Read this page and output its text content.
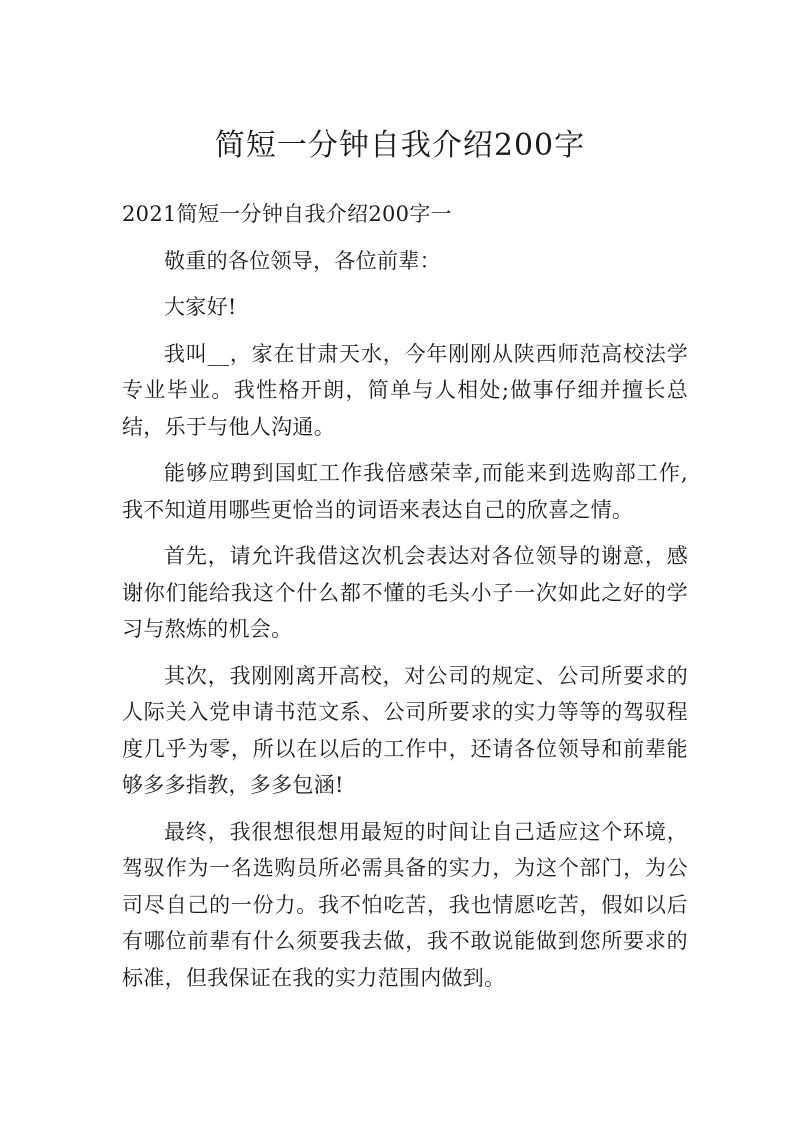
简短一分钟自我介绍200字

2021简短一分钟自我介绍200字一

敬重的各位领导，各位前辈：

大家好!

我叫__，家在甘肃天水，今年刚刚从陕西师范高校法学专业毕业。我性格开朗，简单与人相处;做事仔细并擅长总结，乐于与他人沟通。

能够应聘到国虹工作我倍感荣幸,而能来到选购部工作,我不知道用哪些更恰当的词语来表达自己的欣喜之情。

首先，请允许我借这次机会表达对各位领导的谢意，感谢你们能给我这个什么都不懂的毛头小子一次如此之好的学习与熬炼的机会。

其次，我刚刚离开高校，对公司的规定、公司所要求的人际关入党申请书范文系、公司所要求的实力等等的驾驭程度几乎为零，所以在以后的工作中，还请各位领导和前辈能够多多指教，多多包涵!

最终，我很想很想用最短的时间让自己适应这个环境，驾驭作为一名选购员所必需具备的实力，为这个部门，为公司尽自己的一份力。我不怕吃苦，我也情愿吃苦，假如以后有哪位前辈有什么须要我去做，我不敢说能做到您所要求的标准，但我保证在我的实力范围内做到。
